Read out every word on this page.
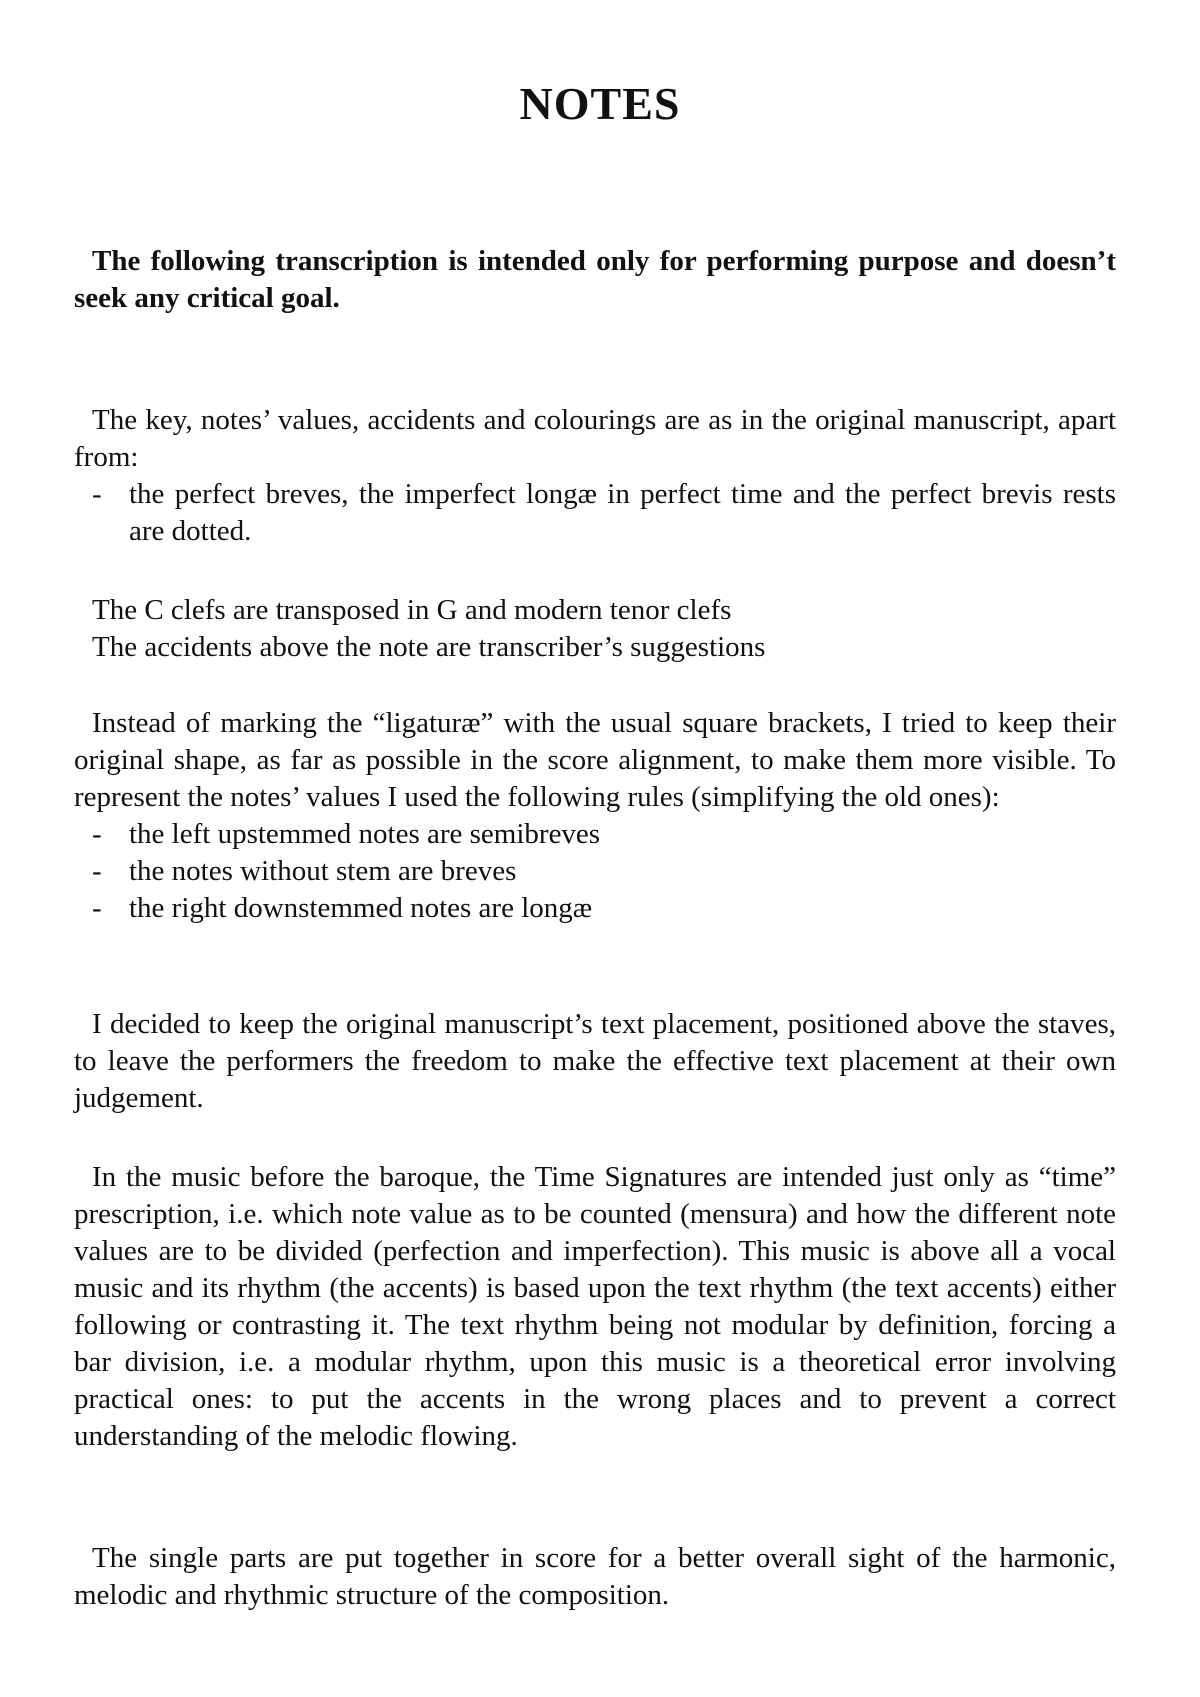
NOTES

The following transcription is intended only for performing purpose and doesn’t seek any critical goal.

The key, notes’ values, accidents and colourings are as in the original manuscript, apart from:

- the perfect breves, the imperfect longæ in perfect time and the perfect brevis rests are dotted.

The C clefs are transposed in G and modern tenor clefs

The accidents above the note are transcriber’s suggestions

Instead of marking the “ligaturæ” with the usual square brackets, I tried to keep their original shape, as far as possible in the score alignment, to make them more visible. To represent the notes’ values I used the following rules (simplifying the old ones):

- the left upstemmed notes are semibreves
- the notes without stem are breves
- the right downstemmed notes are longæ

I decided to keep the original manuscript’s text placement, positioned above the staves, to leave the performers the freedom to make the effective text placement at their own judgement.

In the music before the baroque, the Time Signatures are intended just only as “time” prescription, i.e. which note value as to be counted (mensura) and how the different note values are to be divided (perfection and imperfection). This music is above all a vocal music and its rhythm (the accents) is based upon the text rhythm (the text accents) either following or contrasting it. The text rhythm being not modular by definition, forcing a bar division, i.e. a modular rhythm, upon this music is a theoretical error involving practical ones: to put the accents in the wrong places and to prevent a correct understanding of the melodic flowing.

The single parts are put together in score for a better overall sight of the harmonic, melodic and rhythmic structure of the composition.
